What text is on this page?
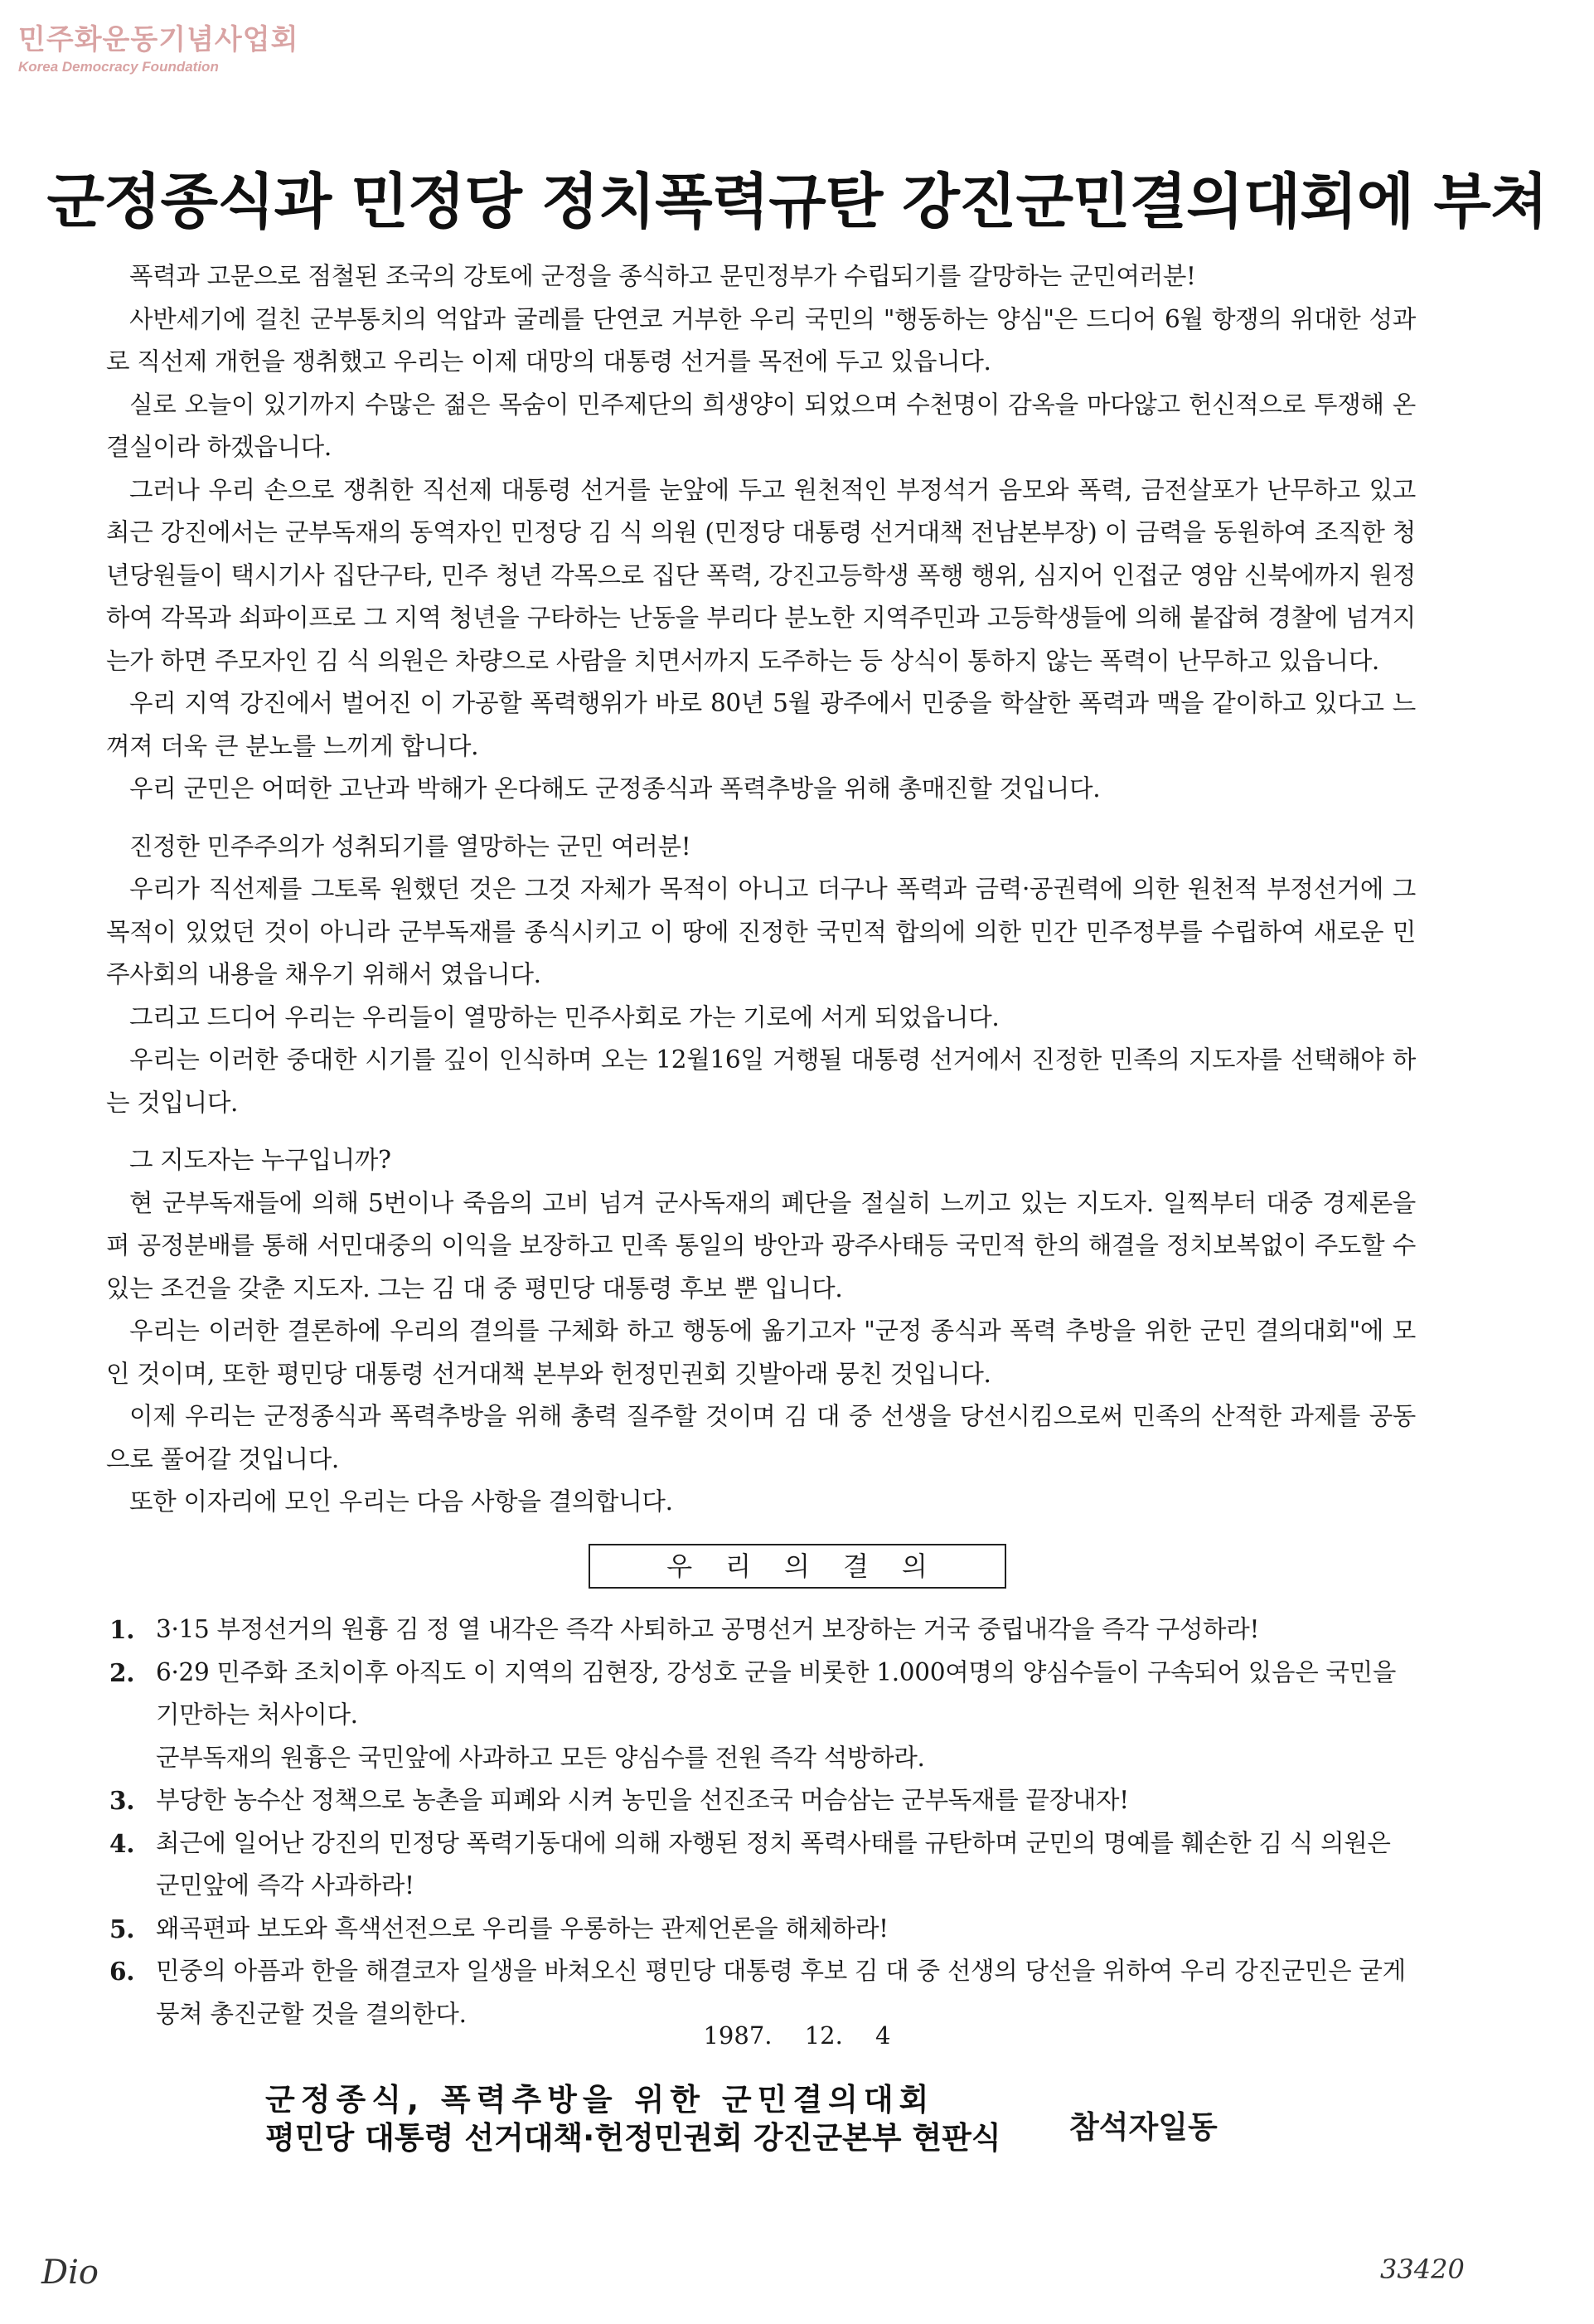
민주화운동기념사업회
Korea Democracy Foundation
군정종식과 민정당 정치폭력규탄 강진군민결의대회에 부쳐

폭력과 고문으로 점철된 조국의 강토에 군정을 종식하고 문민정부가 수립되기를 갈망하는 군민여러분!

사반세기에 걸친 군부통치의 억압과 굴레를 단연코 거부한 우리 국민의 "행동하는 양심"은 드디어 6월 항쟁의 위대한 성과로 직선제 개헌을 쟁취했고 우리는 이제 대망의 대통령 선거를 목전에 두고 있읍니다.

실로 오늘이 있기까지 수많은 젊은 목숨이 민주제단의 희생양이 되었으며 수천명이 감옥을 마다않고 헌신적으로 투쟁해 온 결실이라 하겠읍니다.

그러나 우리 손으로 쟁취한 직선제 대통령 선거를 눈앞에 두고 원천적인 부정석거 음모와 폭력, 금전살포가 난무하고 있고 최근 강진에서는 군부독재의 동역자인 민정당 김 식 의원 (민정당 대통령 선거대책 전남본부장) 이 금력을 동원하여 조직한 청년당원들이 택시기사 집단구타, 민주 청년 각목으로 집단 폭력, 강진고등학생 폭행 행위, 심지어 인접군 영암 신북에까지 원정하여 각목과 쇠파이프로 그 지역 청년을 구타하는 난동을 부리다 분노한 지역주민과 고등학생들에 의해 붙잡혀 경찰에 넘겨지는가 하면 주모자인 김 식 의원은 차량으로 사람을 치면서까지 도주하는 등 상식이 통하지 않는 폭력이 난무하고 있읍니다.

우리 지역 강진에서 벌어진 이 가공할 폭력행위가 바로 80년 5월 광주에서 민중을 학살한 폭력과 맥을 같이하고 있다고 느껴져 더욱 큰 분노를 느끼게 합니다.

우리 군민은 어떠한 고난과 박해가 온다해도 군정종식과 폭력추방을 위해 총매진할 것입니다.

진정한 민주주의가 성취되기를 열망하는 군민 여러분!

우리가 직선제를 그토록 원했던 것은 그것 자체가 목적이 아니고 더구나 폭력과 금력·공권력에 의한 원천적 부정선거에 그 목적이 있었던 것이 아니라 군부독재를 종식시키고 이 땅에 진정한 국민적 합의에 의한 민간 민주정부를 수립하여 새로운 민주사회의 내용을 채우기 위해서 였읍니다.

그리고 드디어 우리는 우리들이 열망하는 민주사회로 가는 기로에 서게 되었읍니다.

우리는 이러한 중대한 시기를 깊이 인식하며 오는 12월16일 거행될 대통령 선거에서 진정한 민족의 지도자를 선택해야 하는 것입니다.

그 지도자는 누구입니까?

현 군부독재들에 의해 5번이나 죽음의 고비 넘겨 군사독재의 폐단을 절실히 느끼고 있는 지도자. 일찍부터 대중 경제론을 펴 공정분배를 통해 서민대중의 이익을 보장하고 민족 통일의 방안과 광주사태등 국민적 한의 해결을 정치보복없이 주도할 수 있는 조건을 갖춘 지도자. 그는 김 대 중 평민당 대통령 후보 뿐 입니다.

우리는 이러한 결론하에 우리의 결의를 구체화 하고 행동에 옮기고자 "군정 종식과 폭력 추방을 위한 군민 결의대회"에 모인 것이며, 또한 평민당 대통령 선거대책 본부와 헌정민권회 깃발아래 뭉친 것입니다.

이제 우리는 군정종식과 폭력추방을 위해 총력 질주할 것이며 김 대 중 선생을 당선시킴으로써 민족의 산적한 과제를 공동으로 풀어갈 것입니다.

또한 이자리에 모인 우리는 다음 사항을 결의합니다.

우리의결의
1. 3·15 부정선거의 원흉 김 정 열 내각은 즉각 사퇴하고 공명선거 보장하는 거국 중립내각을 즉각 구성하라!
2. 6·29 민주화 조치이후 아직도 이 지역의 김현장, 강성호 군을 비롯한 1.000여명의 양심수들이 구속되어 있음은 국민을 기만하는 처사이다.
군부독재의 원흉은 국민앞에 사과하고 모든 양심수를 전원 즉각 석방하라.
3. 부당한 농수산 정책으로 농촌을 피폐와 시켜 농민을 선진조국 머슴삼는 군부독재를 끝장내자!
4. 최근에 일어난 강진의 민정당 폭력기동대에 의해 자행된 정치 폭력사태를 규탄하며 군민의 명예를 훼손한 김 식 의원은 군민앞에 즉각 사과하라!
5. 왜곡편파 보도와 흑색선전으로 우리를 우롱하는 관제언론을 해체하라!
6. 민중의 아픔과 한을 해결코자 일생을 바쳐오신 평민당 대통령 후보 김 대 중 선생의 당선을 위하여 우리 강진군민은 굳게 뭉쳐 총진군할 것을 결의한다.
1987. 12. 4
군정종식, 폭력추방을 위한 군민결의대회
평민당 대통령 선거대책·헌정민권회 강진군본부 현판식 참석자일동
Dio	33420
